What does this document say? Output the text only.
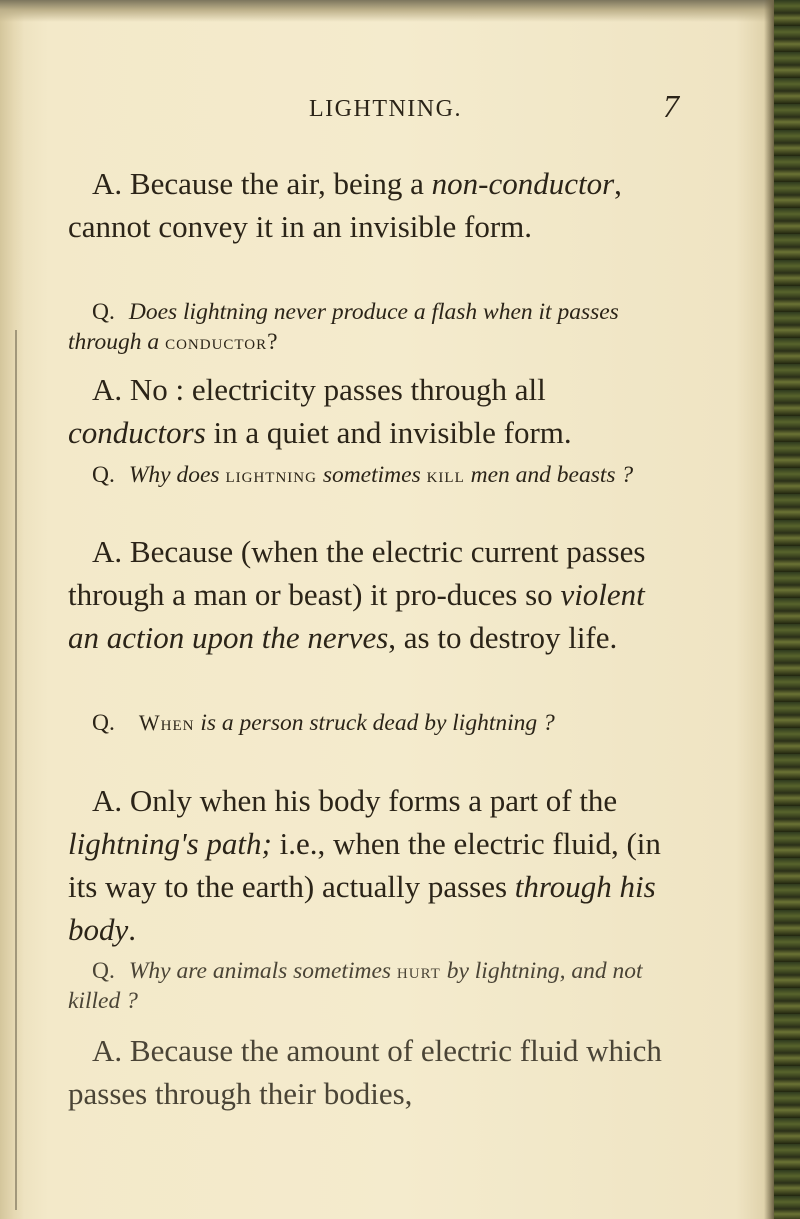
LIGHTNING.	7

A. Because the air, being a non-conductor, cannot convey it in an invisible form.

Q. Does lightning never produce a flash when it passes through a conductor?

A. No : electricity passes through all conductors in a quiet and invisible form.

Q. Why does lightning sometimes kill men and beasts ?

A. Because (when the electric current passes through a man or beast) it pro-duces so violent an action upon the nerves, as to destroy life.

Q. When is a person struck dead by lightning ?

A. Only when his body forms a part of the lightning's path; i.e., when the electric fluid, (in its way to the earth) actually passes through his body.

Q. Why are animals sometimes hurt by lightning, and not killed ?

A. Because the amount of electric fluid which passes through their bodies,
